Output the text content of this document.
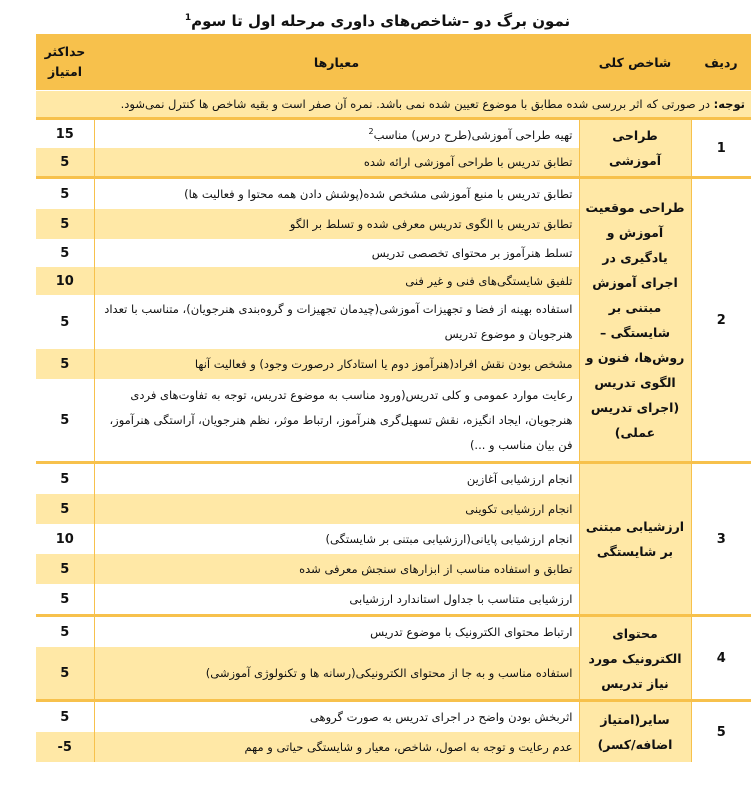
نمون برگ دو –شاخص‌های داوری مرحله اول تا سوم$^1$
ردیف	شاخص کلی	معیارها	حداکثر
امتیاز
توجه: در صورتی که اثر بررسی شده مطابق با موضوع تعیین شده نمی باشد. نمره آن صفر است و بقیه شاخص ها کنترل نمی‌شود.			
1	طراحی آموزشی	تهیه طراحی آموزشی(طرح درس) مناسب$^2$	15
		تطابق تدریس با طراحی آموزشی ارائه شده	5
2	طراحی موقعیت آموزش و یادگیری در اجرای آموزش مبتنی بر شایستگی – روش‌ها، فنون و الگوی تدریس (اجرای تدریس عملی)	تطابق تدریس با منبع آموزشی مشخص شده(پوشش دادن همه محتوا و فعالیت ها)	5
		تطابق تدریس با الگوی تدریس معرفی شده و تسلط بر الگو	5
		تسلط هنرآموز بر محتوای تخصصی تدریس	5
		تلفیق شایستگی‌های فنی و غیر فنی	10
		استفاده بهینه از فضا و تجهیزات آموزشی(چیدمان تجهیزات و گروه‌بندی هنرجویان)، متناسب با تعداد هنرجویان و موضوع تدریس	5
		مشخص بودن نقش افراد(هنرآموز دوم یا استادکار درصورت وجود) و فعالیت آنها	5
		رعایت موارد عمومی و کلی تدریس(ورود مناسب به موضوع تدریس، توجه به تفاوت‌های فردی هنرجویان، ایجاد انگیزه، نقش تسهیل‌گری هنرآموز، ارتباط موثر، نظم هنرجویان، آراستگی هنرآموز، فن بیان مناسب و ...)	5
3	ارزشیابی مبتنی بر شایستگی	انجام ارزشیابی آغازین	5
		انجام ارزشیابی تکوینی	5
		انجام ارزشیابی پایانی(ارزشیابی مبتنی بر شایستگی)	10
		تطابق و استفاده مناسب از ابزارهای سنجش معرفی شده	5
		ارزشیابی متناسب با جداول استاندارد ارزشیابی	5
4	محتوای الکترونیک مورد نیاز تدریس	ارتباط محتوای الکترونیک با موضوع تدریس	5
		استفاده مناسب و به جا از محتوای الکترونیکی(رسانه ها و تکنولوژی آموزشی)	5
5	سایر(امتیاز اضافه/کسر)	اثربخش بودن واضح در اجرای تدریس به صورت گروهی	5
		عدم رعایت و توجه به اصول، شاخص، معیار و شایستگی حیاتی و مهم	-5
